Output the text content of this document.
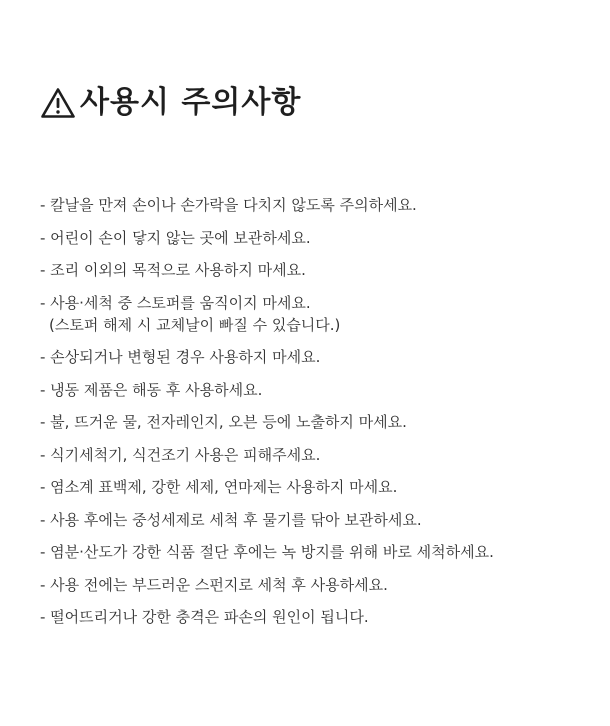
사용시 주의사항
- 칼날을 만져 손이나 손가락을 다치지 않도록 주의하세요.
- 어린이 손이 닿지 않는 곳에 보관하세요.
- 조리 이외의 목적으로 사용하지 마세요.
- 사용·세척 중 스토퍼를 움직이지 마세요.
(스토퍼 해제 시 교체날이 빠질 수 있습니다.)
- 손상되거나 변형된 경우 사용하지 마세요.
- 냉동 제품은 해동 후 사용하세요.
- 불, 뜨거운 물, 전자레인지, 오븐 등에 노출하지 마세요.
- 식기세척기, 식건조기 사용은 피해주세요.
- 염소계 표백제, 강한 세제, 연마제는 사용하지 마세요.
- 사용 후에는 중성세제로 세척 후 물기를 닦아 보관하세요.
- 염분·산도가 강한 식품 절단 후에는 녹 방지를 위해 바로 세척하세요.
- 사용 전에는 부드러운 스펀지로 세척 후 사용하세요.
- 떨어뜨리거나 강한 충격은 파손의 원인이 됩니다.
